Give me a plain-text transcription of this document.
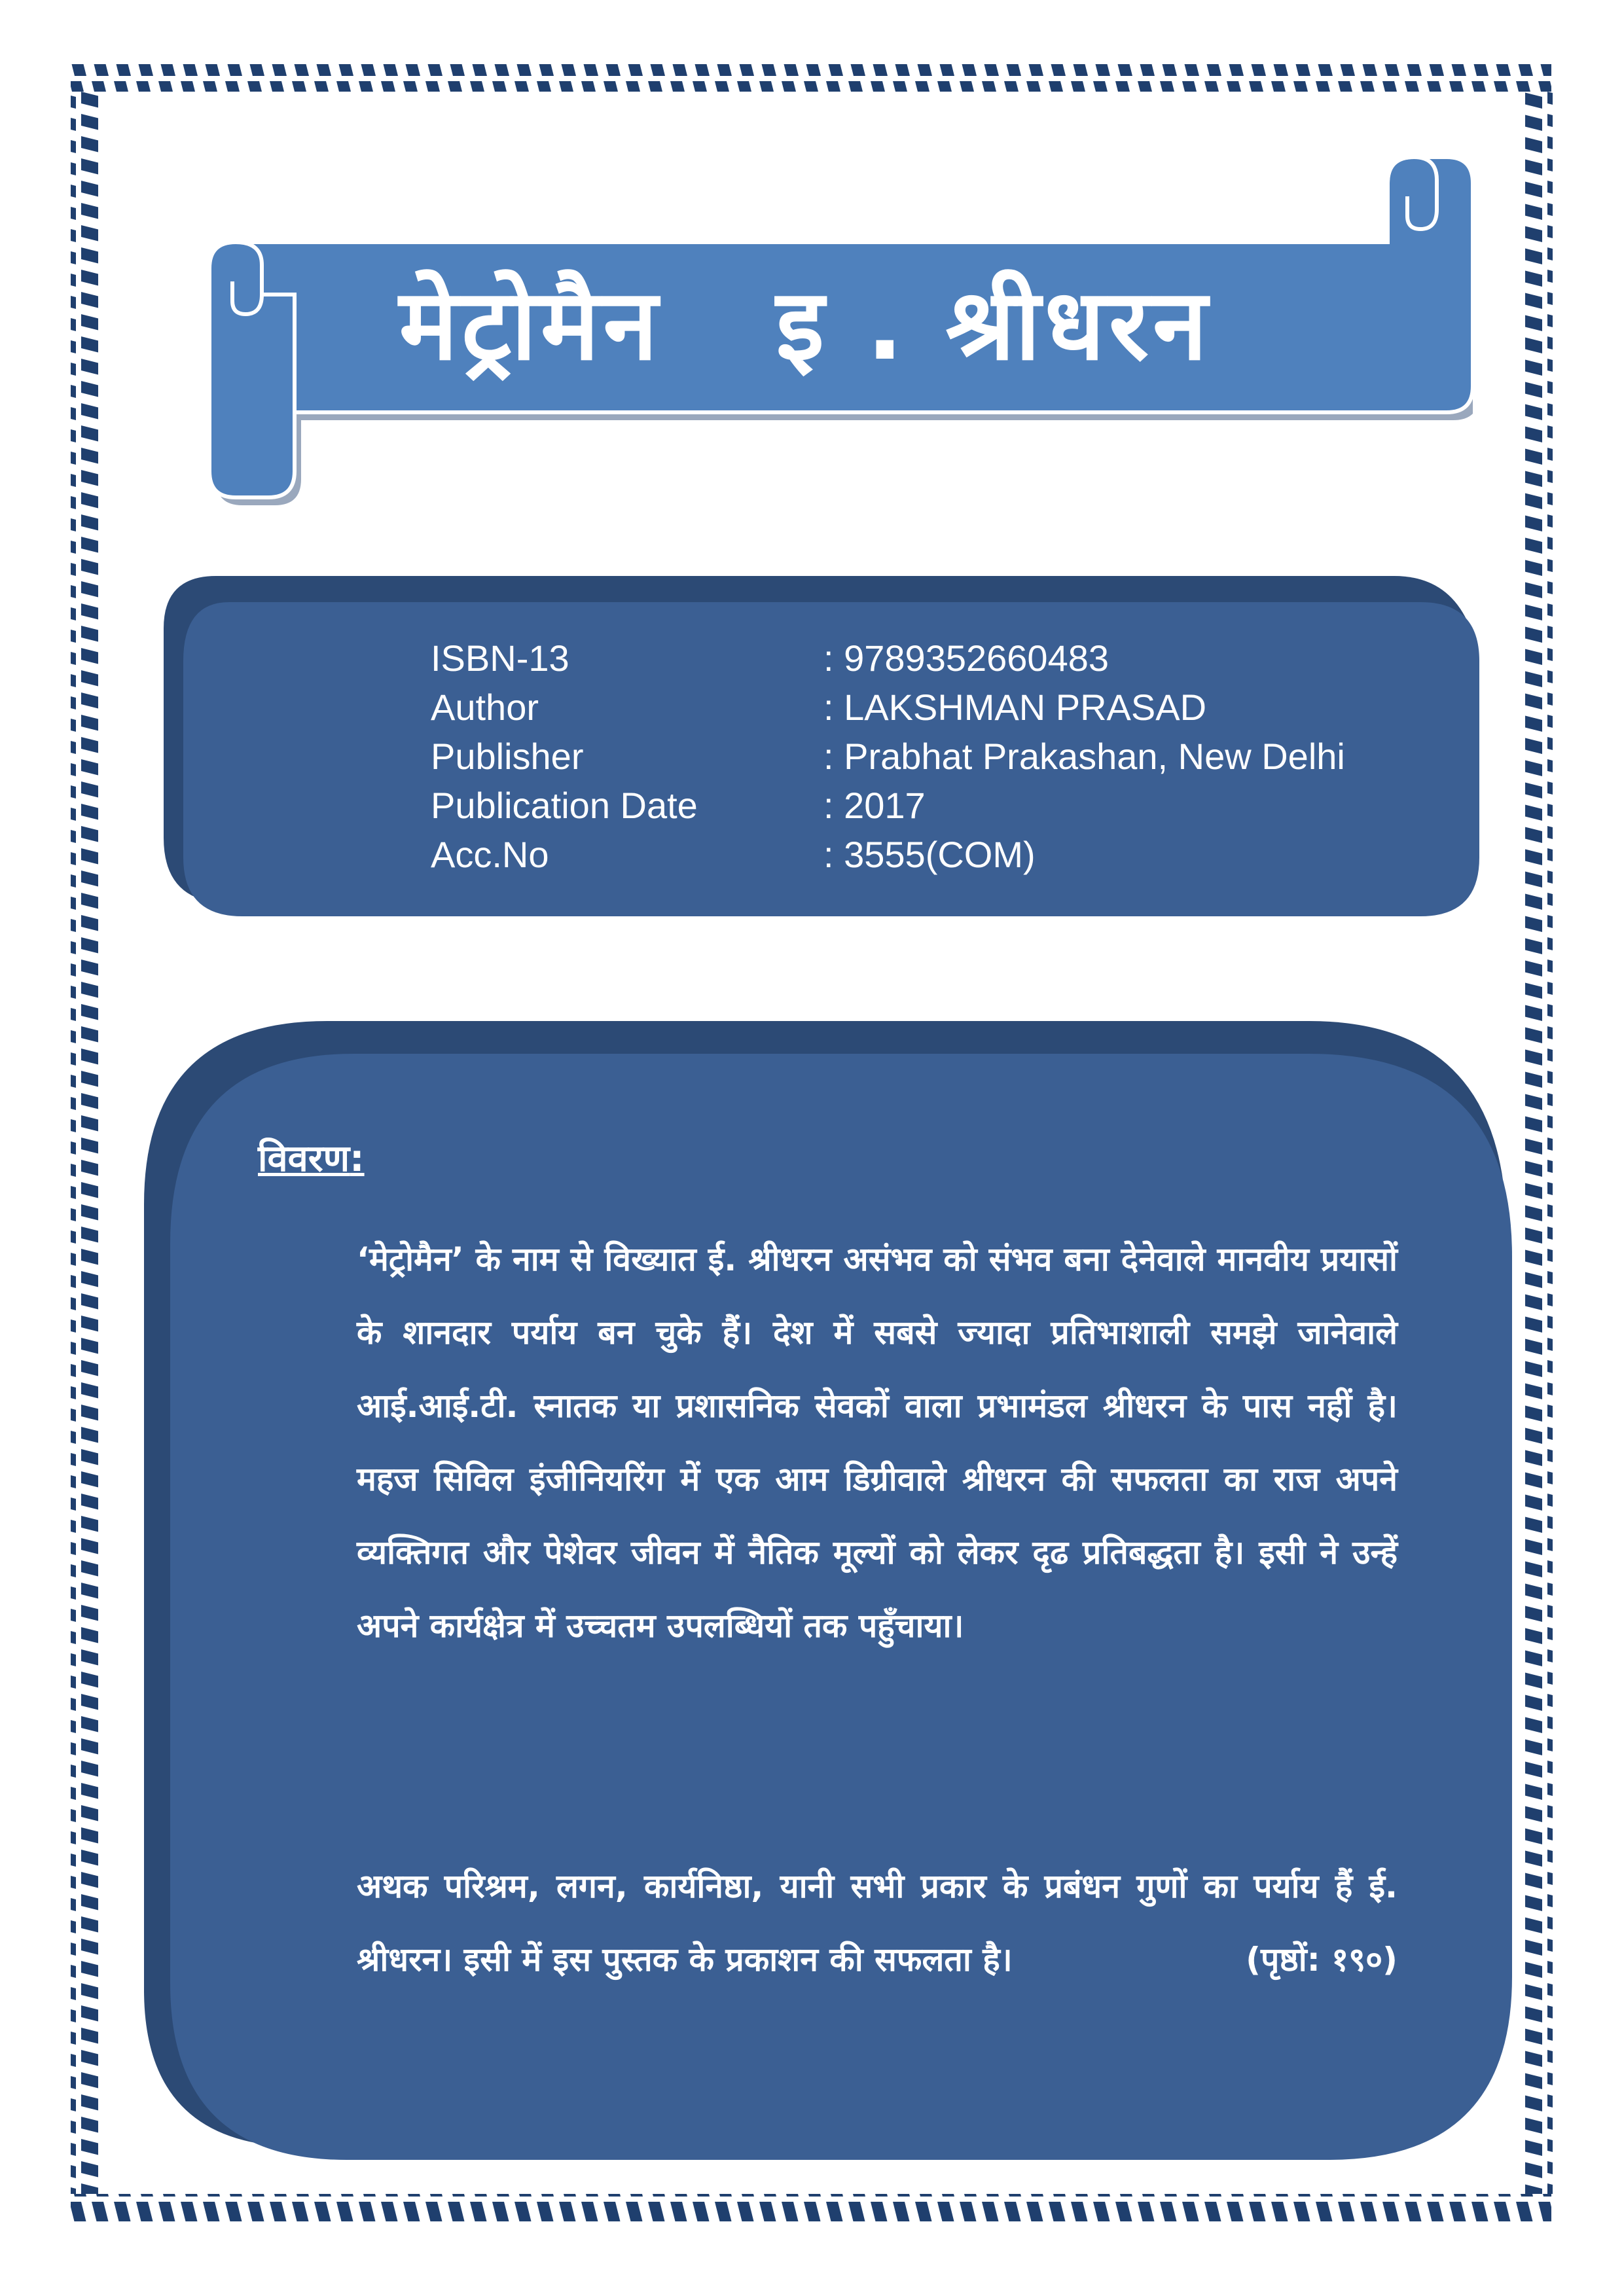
मेट्रोमैन   इ . श्रीधरन
ISBN-13	: 9789352660483
Author	: LAKSHMAN PRASAD
Publisher	: Prabhat Prakashan, New Delhi
Publication Date	: 2017
Acc.No	: 3555(COM)
विवरण:
‘मेट्रोमैन’ के नाम से विख्यात ई. श्रीधरन असंभव को संभव बना देनेवाले मानवीय प्रयासों के शानदार पर्याय बन चुके हैं। देश में सबसे ज्यादा प्रतिभाशाली समझे जानेवाले आई.आई.टी. स्नातक या प्रशासनिक सेवकों वाला प्रभामंडल श्रीधरन के पास नहीं है। महज सिविल इंजीनियरिंग में एक आम डिग्रीवाले श्रीधरन की सफलता का राज अपने व्यक्तिगत और पेशेवर जीवन में नैतिक मूल्यों को लेकर दृढ प्रतिबद्धता है। इसी ने उन्हें अपने कार्यक्षेत्र में उच्चतम उपलब्धियों तक पहुँचाया।
अथक परिश्रम, लगन, कार्यनिष्ठा, यानी सभी प्रकार के प्रबंधन गुणों का पर्याय हैं ई. श्रीधरन। इसी में इस पुस्तक के प्रकाशन की सफलता है।	(पृष्ठों: १९०)
